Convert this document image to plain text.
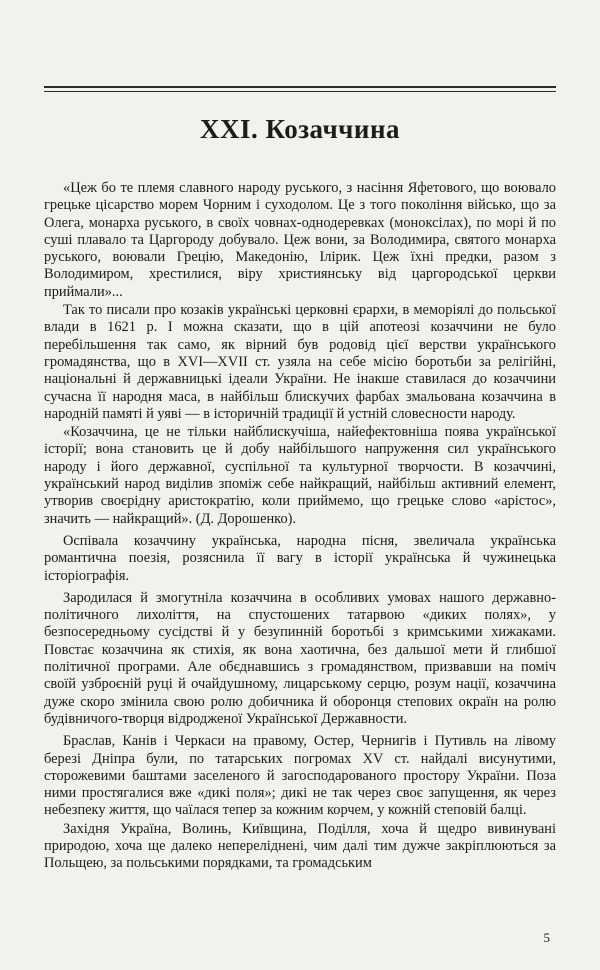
XXI. Козаччина

«Цеж бо те племя славного народу руського, з насіння Яфетового, що воювало грецьке цісарство морем Чорним і суходолом. Це з того покоління військо, що за Олега, монарха руського, в своїх човнах-однодеревках (моноксілах), по морі й по суші плавало та Царгороду добувало. Цеж вони, за Володимира, святого монарха руського, воювали Грецію, Македонію, Ілірик. Цеж їхні предки, разом з Володимиром, хрестилися, віру християнську від царгородської церкви приймали»...

Так то писали про козаків українські церковні єрархи, в меморіялі до польської влади в 1621 р. І можна сказати, що в цій апотеозі козаччини не було перебільшення так само, як вірний був родовід цієї верстви українського громадянства, що в XVI—XVII ст. узяла на себе місію боротьби за релігійні, національні й державницькі ідеали України. Не інакше ставилася до козаччини сучасна її народня маса, в найбільш блискучих фарбах змальована козаччина в народній памяті й уяві — в історичній традиції й устній словесности народу.

«Козаччина, це не тільки найблискучіша, найефектовніша поява української історії; вона становить це й добу найбільшого напруження сил українського народу і його державної, суспільної та культурної творчости. В козаччині, український народ виділив зпоміж себе найкращий, найбільш активний елемент, утворив своєрідну аристократію, коли приймемо, що грецьке слово «арістос», значить — найкращий». (Д. Дорошенко).

Оспівала козаччину українська, народна пісня, звеличала українська романтична поезія, розяснила її вагу в історії українська й чужинецька історіографія.

Зародилася й змогутніла козаччина в особливих умовах нашого державно-політичного лихоліття, на спустошених татарвою «диких полях», у безпосередньому сусідстві й у безупинній боротьбі з кримськими хижаками. Повстає козаччина як стихія, як вона хаотична, без дальшої мети й глибшої політичної програми. Але обєднавшись з громадянством, призвавши на поміч своїй узброєній руці й очайдушному, лицарському серцю, розум нації, козаччина дуже скоро змінила свою ролю добичника й оборонця степових окраїн на ролю будівничого-творця відродженої Української Державности.

Браслав, Канів і Черкаси на правому, Остер, Чернигів і Путивль на лівому березі Дніпра були, по татарських погромах XV ст. найдалі висунутими, сторожевими баштами заселеного й загосподарованого простору України. Поза ними простягалися вже «дикі поля»; дикі не так через своє запущення, як через небезпеку життя, що чаїлася тепер за кожним корчем, у кожній степовій балці.

Західня Україна, Волинь, Київщина, Поділля, хоча й щедро вивинувані природою, хоча ще далеко непереліднені, чим далі тим дужче закріплюються за Польщею, за польськими порядками, та громадським

5
